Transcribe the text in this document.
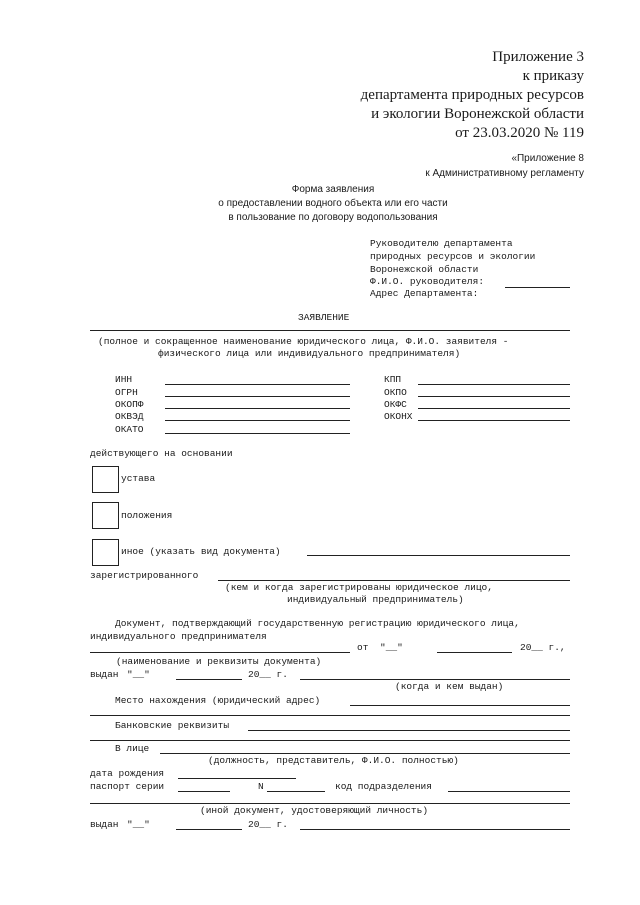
Приложение 3
к приказу
департамента природных ресурсов
и экологии Воронежской области
от 23.03.2020 № 119
«Приложение 8
к Административному регламенту
Форма заявления
о предоставлении водного объекта или его части
в пользование по договору водопользования
Руководителю департамента
природных ресурсов и экологии
Воронежской области
Ф.И.О. руководителя:
Адрес Департамента:
ЗАЯВЛЕНИЕ
(полное и сокращенное наименование юридического лица, Ф.И.О. заявителя -
физического лица или индивидуального предпринимателя)
ИНН
ОГРН
ОКОПФ
ОКВЭД
ОКАТО
КПП
ОКПО
ОКФС
ОКОНХ
действующего на основании
устава
положения
иное (указать вид документа)
зарегистрированного
(кем и когда зарегистрированы юридическое лицо,
индивидуальный предприниматель)
Документ, подтверждающий государственную регистрацию юридического лица,
индивидуального предпринимателя
от "__"	20__ г.,
(наименование и реквизиты документа)
выдан "__"	20__ г.
(когда и кем выдан)
Место нахождения (юридический адрес)
Банковские реквизиты
В лице
(должность, представитель, Ф.И.О. полностью)
дата рождения
паспорт серии	N	код подразделения
(иной документ, удостоверяющий личность)
выдан "__"	20__ г.
